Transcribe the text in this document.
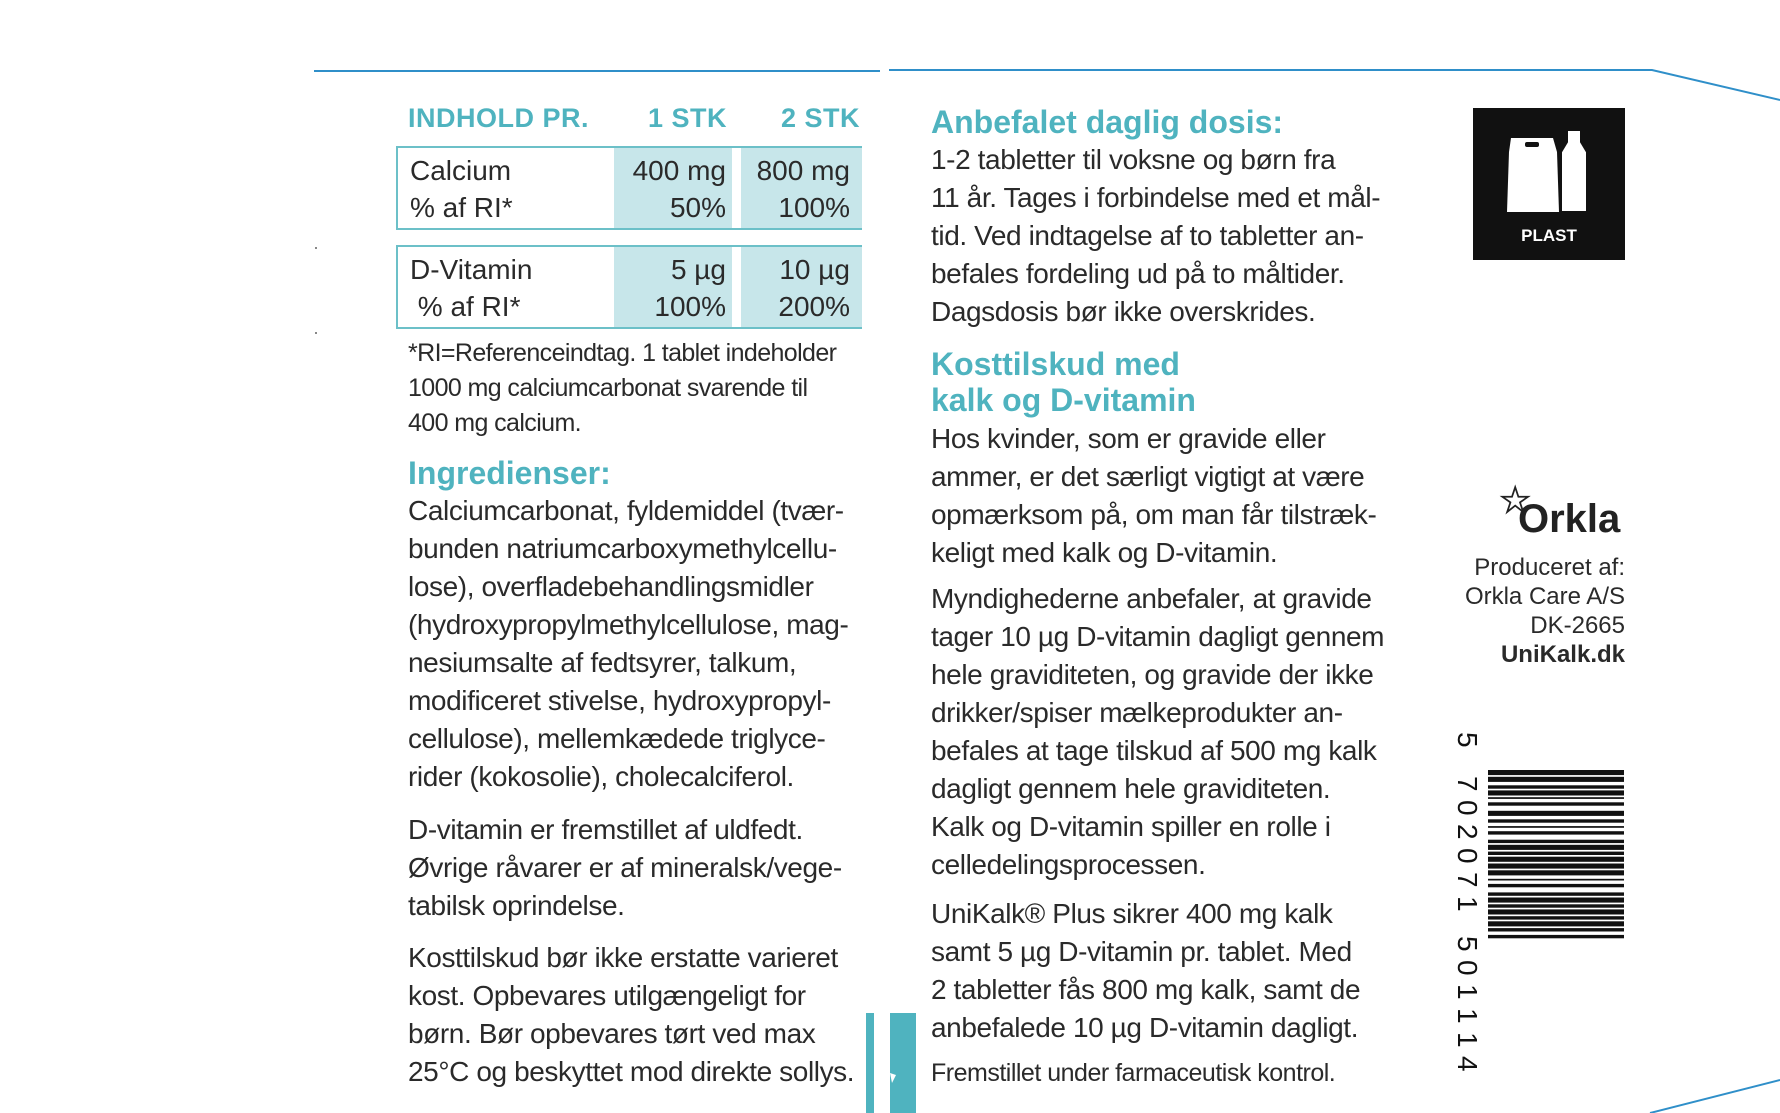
INDHOLD PR. 1 STK 2 STK
Calcium
% af RI*
400 mg
50%
800 mg
100%
D-Vitamin
% af RI*
5 µg
100%
10 µg
200%
*RI=Referenceindtag. 1 tablet indeholder
1000 mg calciumcarbonat svarende til
400 mg calcium.
Ingredienser:
Calciumcarbonat, fyldemiddel (tvær-
bunden natriumcarboxymethylcellu-
lose), overfladebehandlingsmidler
(hydroxypropylmethylcellulose, mag-
nesiumsalte af fedtsyrer, talkum,
modificeret stivelse, hydroxypropyl-
cellulose), mellemkædede triglyce-
rider (kokosolie), cholecalciferol.
D-vitamin er fremstillet af uldfedt.
Øvrige råvarer er af mineralsk/vege-
tabilsk oprindelse.
Kosttilskud bør ikke erstatte varieret
kost. Opbevares utilgængeligt for
børn. Bør opbevares tørt ved max
25°C og beskyttet mod direkte sollys.
Anbefalet daglig dosis:
1-2 tabletter til voksne og børn fra
11 år. Tages i forbindelse med et mål-
tid. Ved indtagelse af to tabletter an-
befales fordeling ud på to måltider.
Dagsdosis bør ikke overskrides.
Kosttilskud med
kalk og D-vitamin
Hos kvinder, som er gravide eller
ammer, er det særligt vigtigt at være
opmærksom på, om man får tilstræk-
keligt med kalk og D-vitamin.
Myndighederne anbefaler, at gravide
tager 10 µg D-vitamin dagligt gennem
hele graviditeten, og gravide der ikke
drikker/spiser mælkeprodukter an-
befales at tage tilskud af 500 mg kalk
dagligt gennem hele graviditeten.
Kalk og D-vitamin spiller en rolle i
celledelingsprocessen.
UniKalk® Plus sikrer 400 mg kalk
samt 5 µg D-vitamin pr. tablet. Med
2 tabletter fås 800 mg kalk, samt de
anbefalede 10 µg D-vitamin dagligt.
Fremstillet under farmaceutisk kontrol.
PLAST
Orkla
Produceret af:
Orkla Care A/S
DK-2665
UniKalk.dk
5
7
0
2
0
7
1
5
0
1
1
1
4
